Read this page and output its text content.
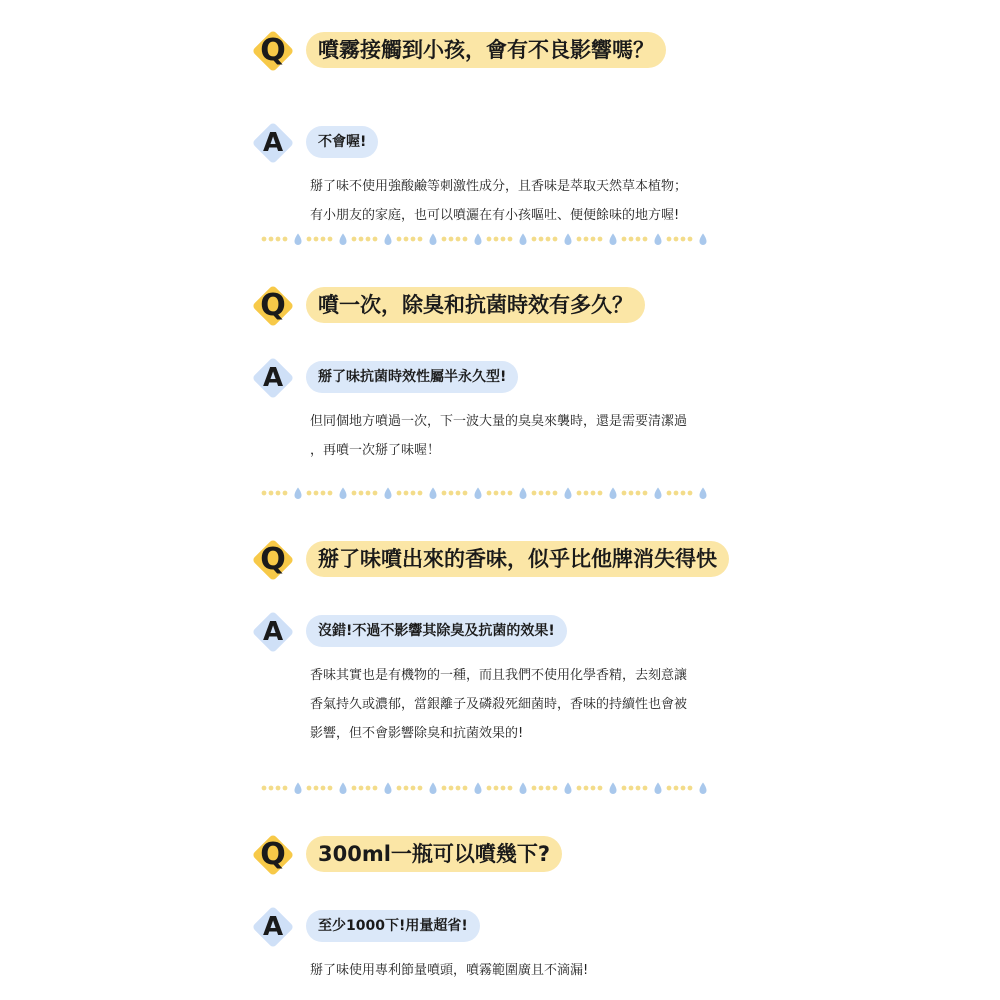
Q	噴霧接觸到小孩，會有不良影響嗎？
A	不會喔!

掰了味不使用強酸鹼等刺激性成分，且香味是萃取天然草本植物；

有小朋友的家庭，也可以噴灑在有小孩嘔吐、便便餘味的地方喔!

Q	噴一次，除臭和抗菌時效有多久？
A	掰了味抗菌時效性屬半永久型!

但同個地方噴過一次，下一波大量的臭臭來襲時，還是需要清潔過

，再噴一次掰了味喔！

Q	掰了味噴出來的香味，似乎比他牌消失得快
A	沒錯!不過不影響其除臭及抗菌的效果!

香味其實也是有機物的一種，而且我們不使用化學香精，去刻意讓

香氣持久或濃郁，當銀離子及磷殺死細菌時，香味的持續性也會被

影響，但不會影響除臭和抗菌效果的!

Q	300ml一瓶可以噴幾下?
A	至少1000下!用量超省!

掰了味使用專利節量噴頭，噴霧範圍廣且不滴漏!
